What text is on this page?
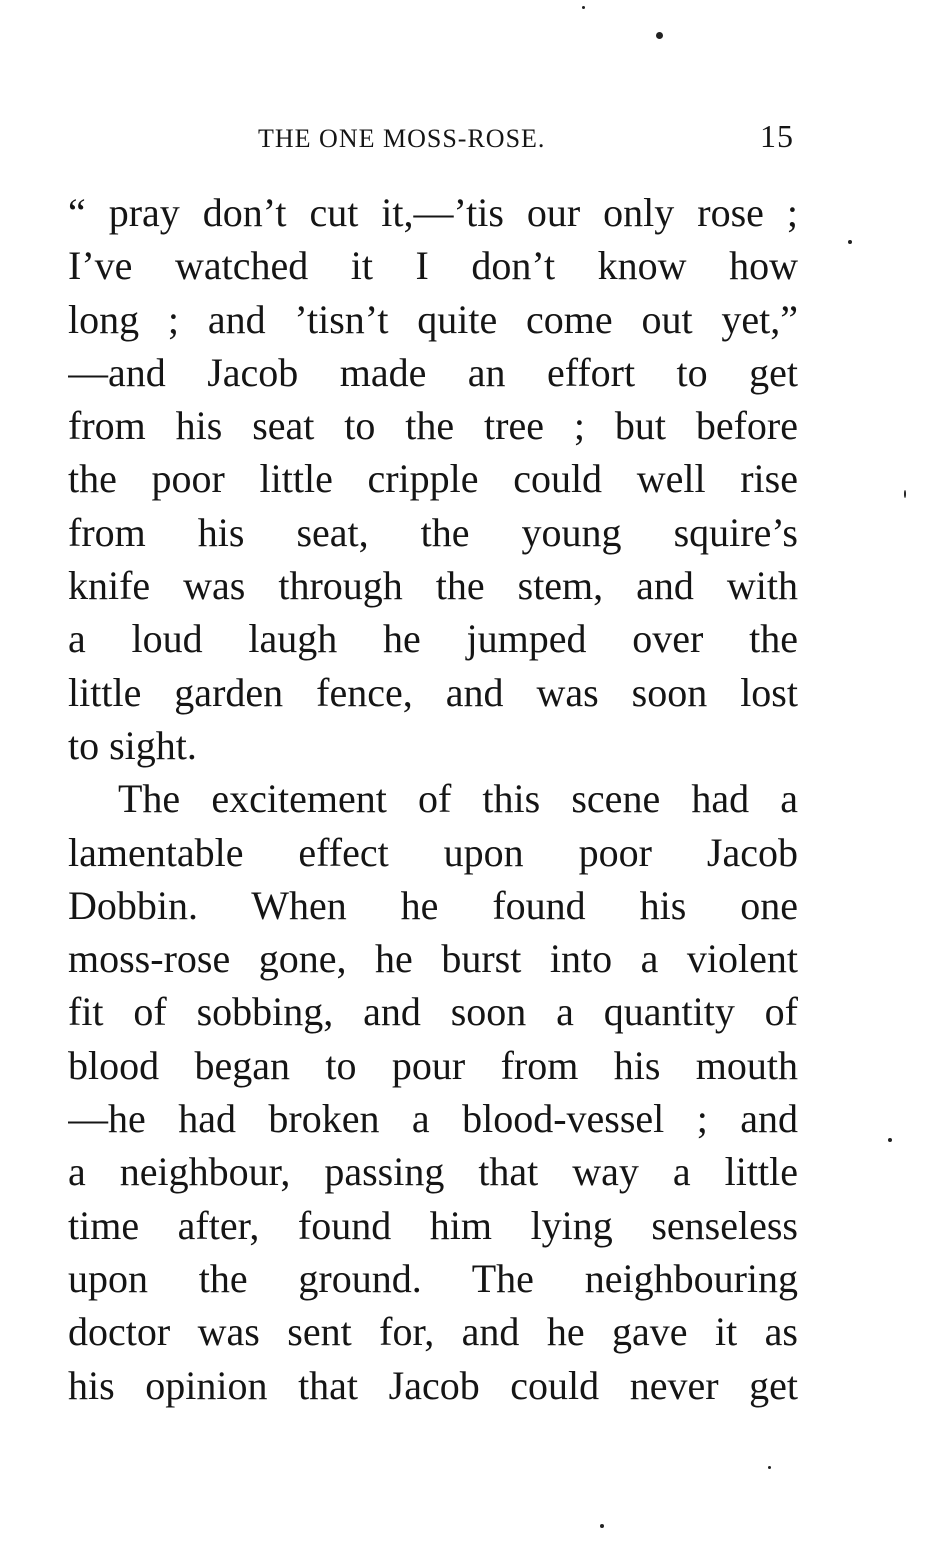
THE ONE MOSS-ROSE.	15
“ pray don’t cut it,—’tis our only rose ;
I’ve watched it I don’t know how
long ; and ’tisn’t quite come out yet,”
—and Jacob made an effort to get
from his seat to the tree ; but before
the poor little cripple could well rise
from his seat, the young squire’s
knife was through the stem, and with
a loud laugh he jumped over the
little garden fence, and was soon lost
to sight.
The excitement of this scene had a
lamentable effect upon poor Jacob
Dobbin. When he found his one
moss-rose gone, he burst into a violent
fit of sobbing, and soon a quantity of
blood began to pour from his mouth
—he had broken a blood-vessel ; and
a neighbour, passing that way a little
time after, found him lying senseless
upon the ground. The neighbouring
doctor was sent for, and he gave it as
his opinion that Jacob could never get
